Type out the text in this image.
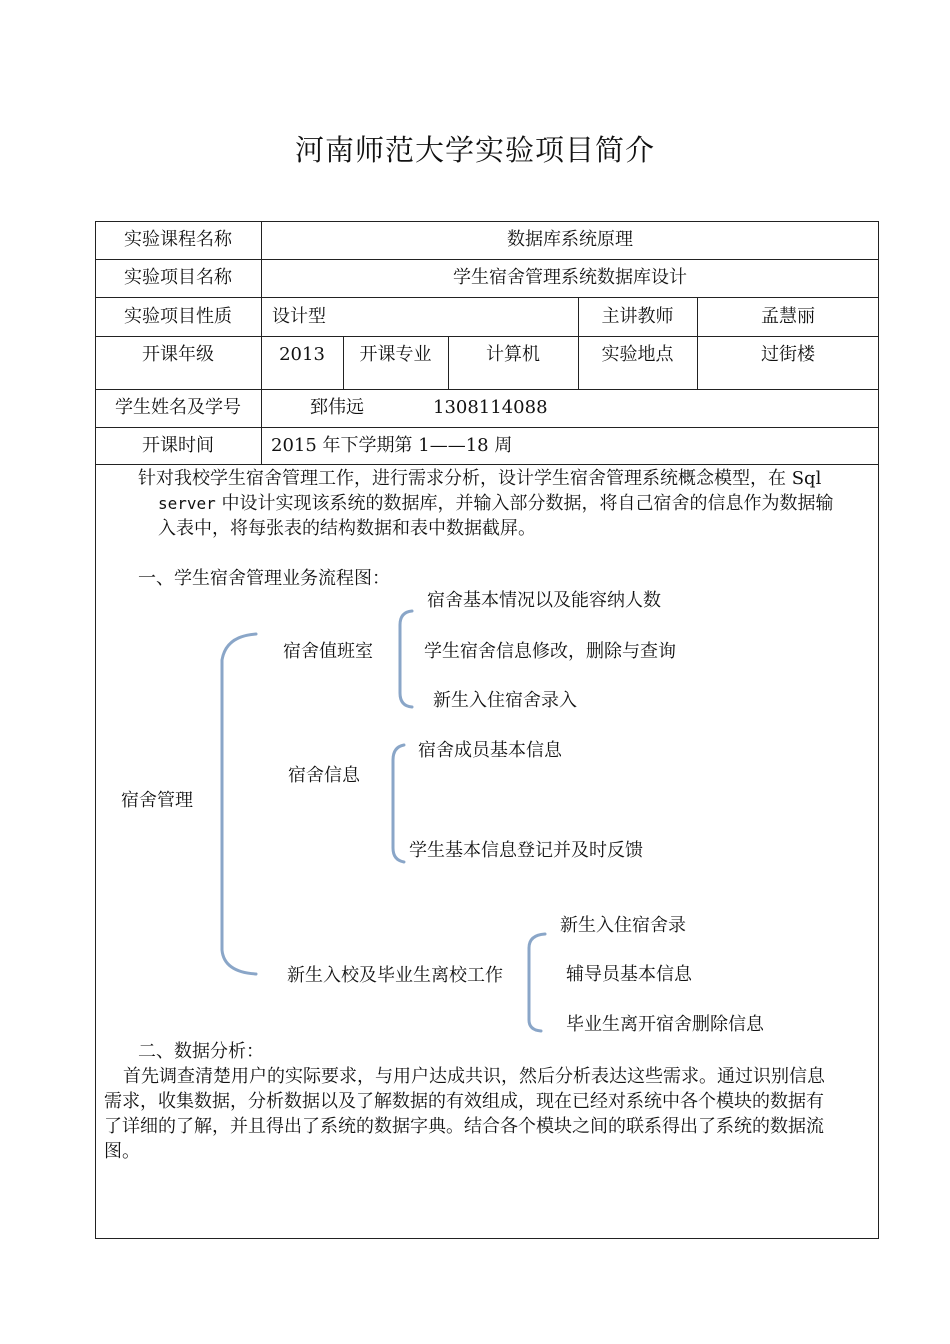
河南师范大学实验项目简介
实验课程名称	数据库系统原理
实验项目名称	学生宿舍管理系统数据库设计
实验项目性质	设计型	主讲教师	孟慧丽
开课年级	2013	开课专业	计算机	实验地点	过街楼
学生姓名及学号	郅伟远	1308114088
开课时间	2015 年下学期第 1——18 周
针对我校学生宿舍管理工作，进行需求分析，设计学生宿舍管理系统概念模型，在 Sql
server 中设计实现该系统的数据库，并输入部分数据，将自己宿舍的信息作为数据输
入表中，将每张表的结构数据和表中数据截屏。
一、学生宿舍管理业务流程图：
宿舍管理
宿舍值班室
宿舍基本情况以及能容纳人数
学生宿舍信息修改，删除与查询
新生入住宿舍录入
宿舍信息
宿舍成员基本信息
学生基本信息登记并及时反馈
新生入校及毕业生离校工作
新生入住宿舍录
辅导员基本信息
毕业生离开宿舍删除信息
二、数据分析：
首先调查清楚用户的实际要求，与用户达成共识，然后分析表达这些需求。通过识别信息
需求，收集数据，分析数据以及了解数据的有效组成，现在已经对系统中各个模块的数据有
了详细的了解，并且得出了系统的数据字典。结合各个模块之间的联系得出了系统的数据流
图。
